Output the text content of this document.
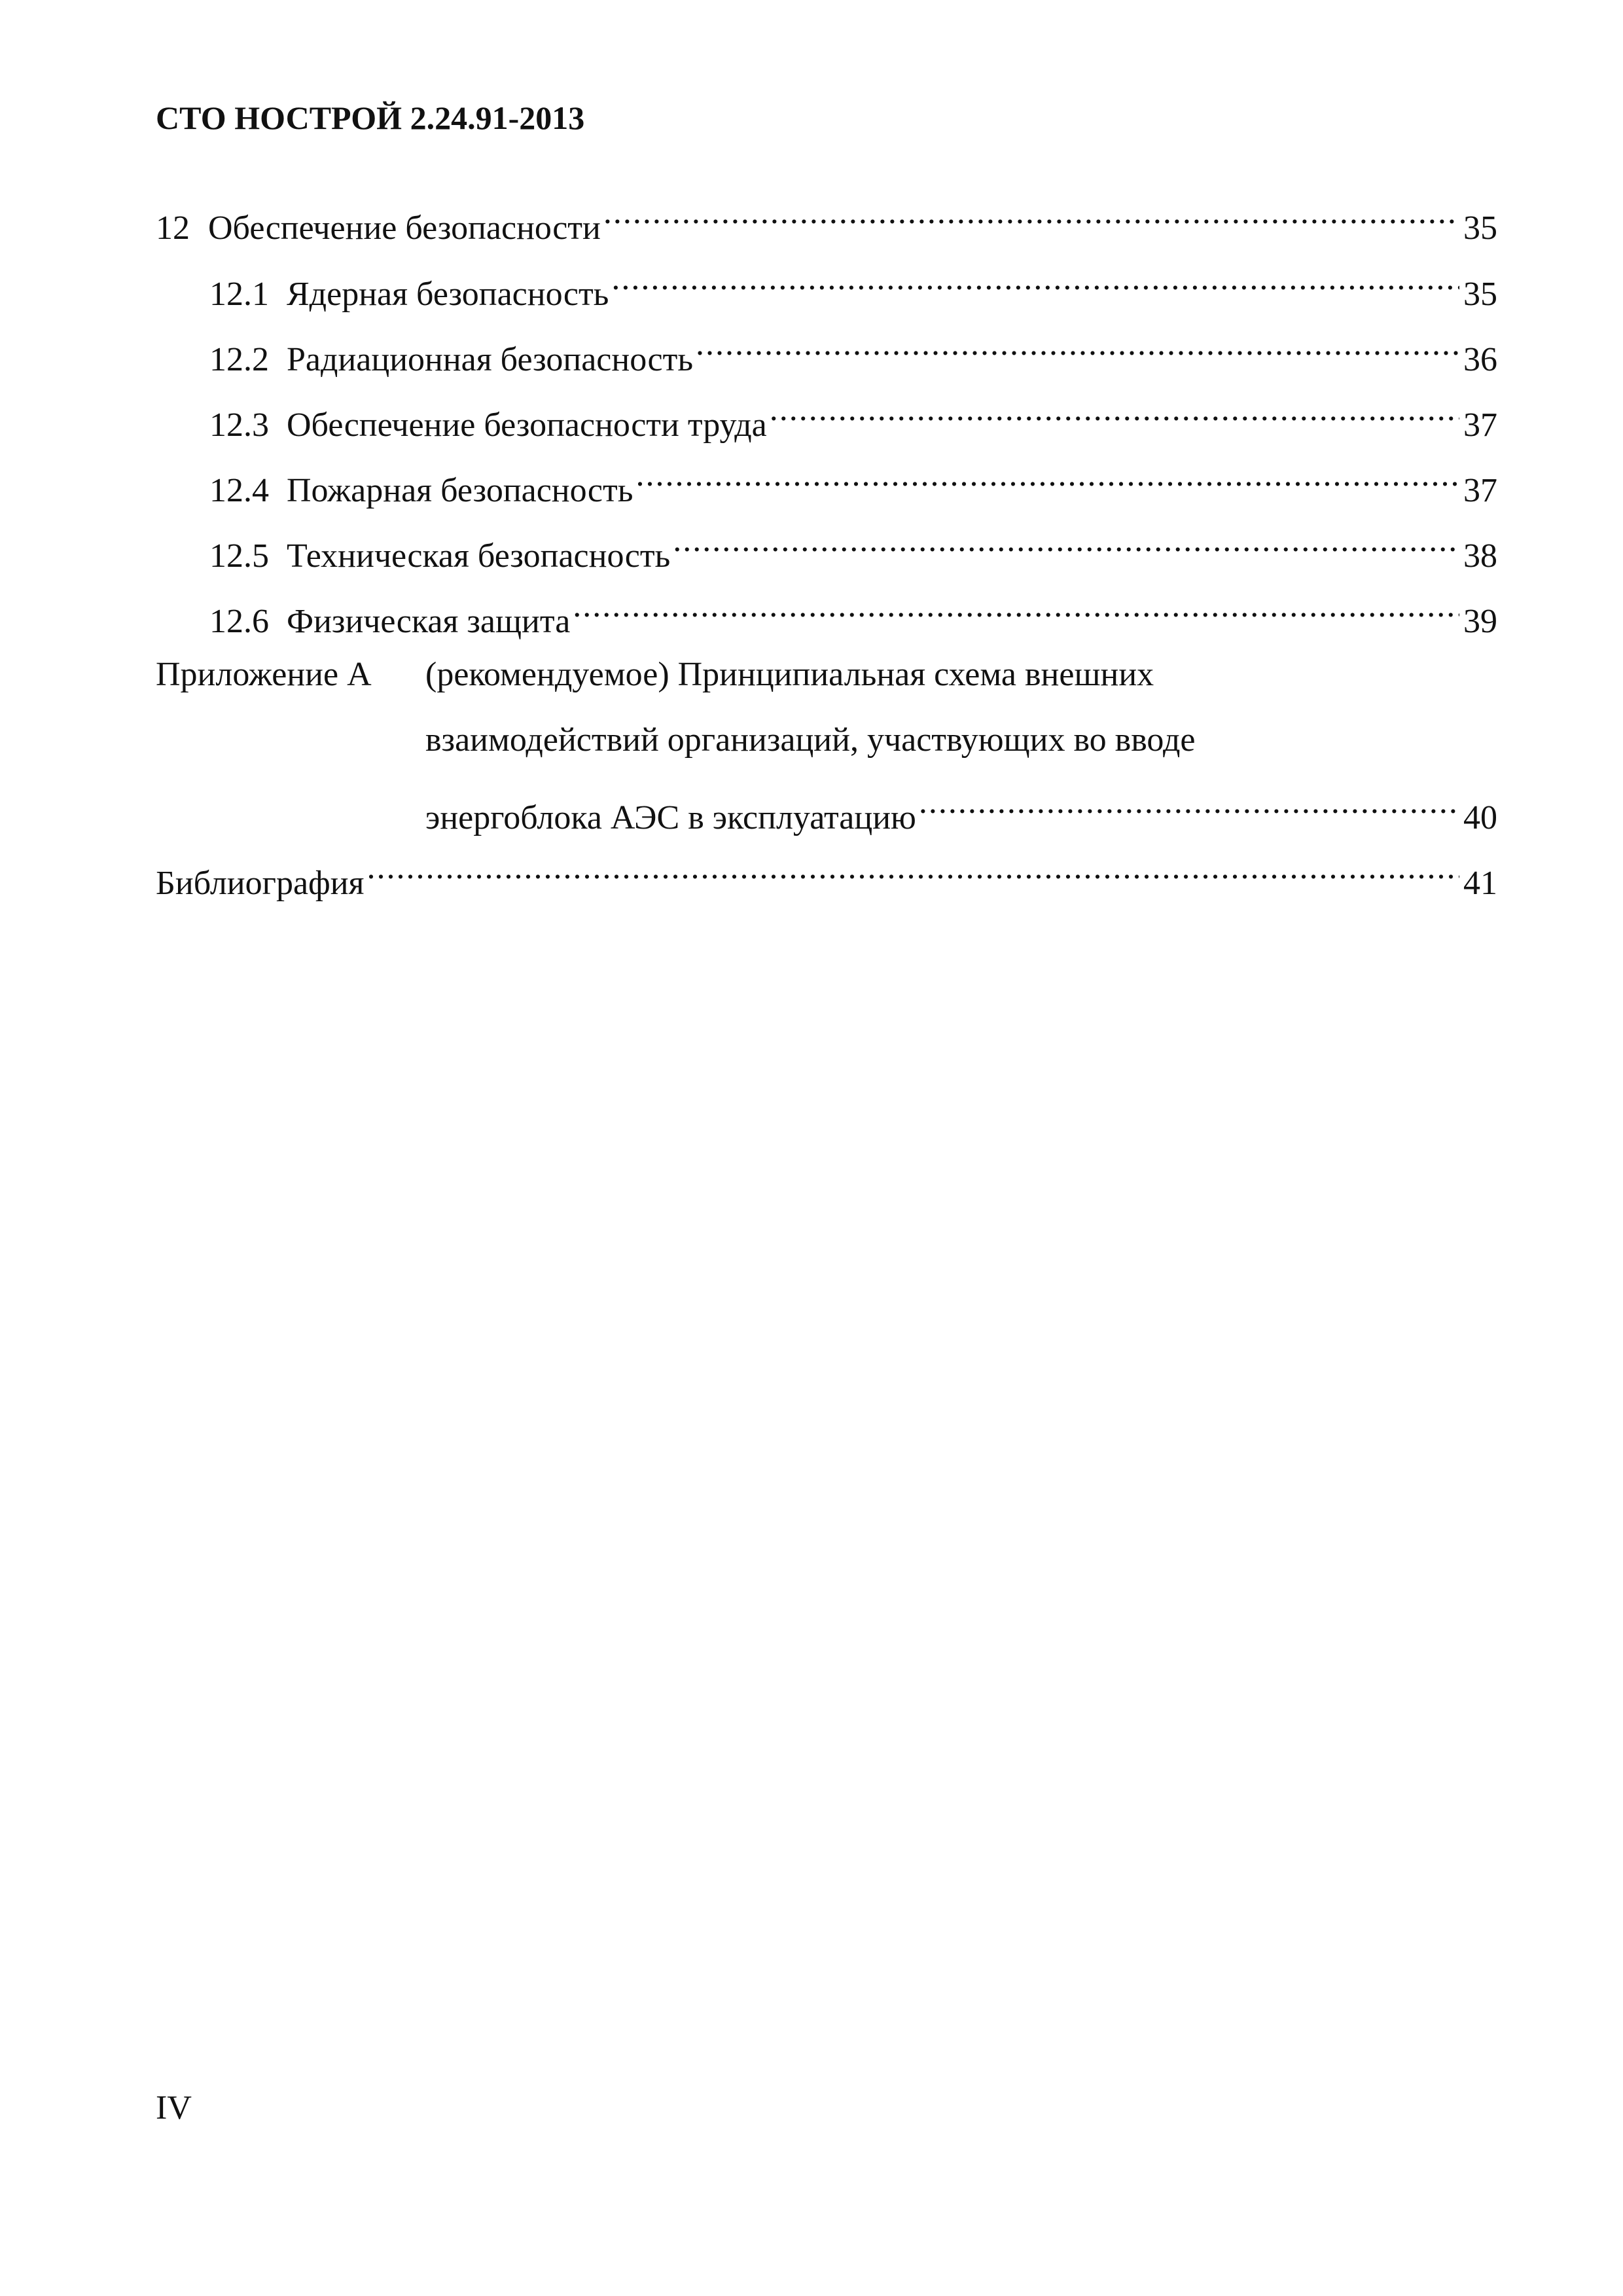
СТО НОСТРОЙ 2.24.91-2013
12 Обеспечение безопасности .....	35
12.1 Ядерная безопасность .....	35
12.2 Радиационная безопасность .....	36
12.3 Обеспечение безопасности труда .....	37
12.4 Пожарная безопасность .....	37
12.5 Техническая безопасность .....	38
12.6 Физическая защита .....	39
Приложение А (рекомендуемое) Принципиальная схема внешних
взаимодействий организаций, участвующих во вводе
энергоблока АЭС в эксплуатацию .....	40
Библиография .....	41
IV
